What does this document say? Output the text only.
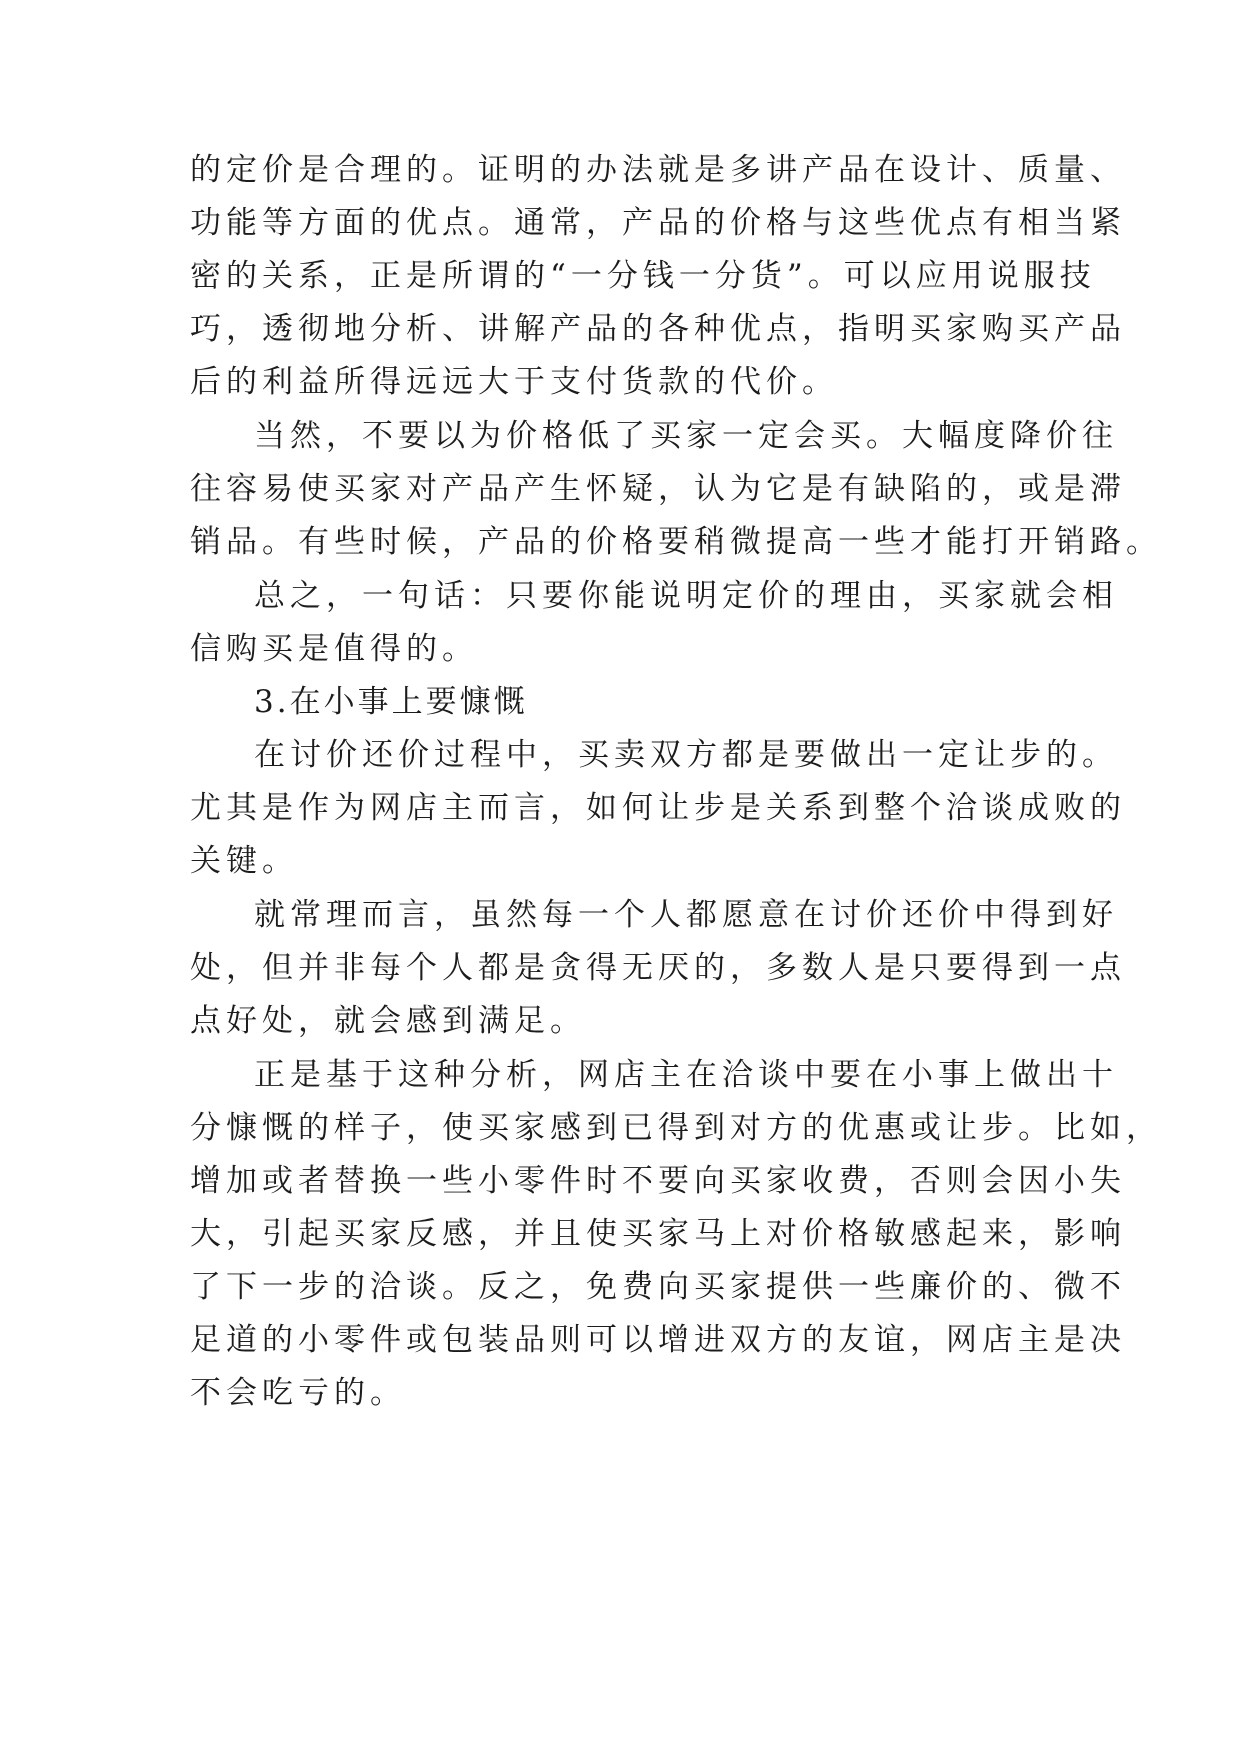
的定价是合理的。证明的办法就是多讲产品在设计、质量、

功能等方面的优点。通常，产品的价格与这些优点有相当紧

密的关系，正是所谓的“一分钱一分货”。可以应用说服技

巧，透彻地分析、讲解产品的各种优点，指明买家购买产品

后的利益所得远远大于支付货款的代价。

当然，不要以为价格低了买家一定会买。大幅度降价往

往容易使买家对产品产生怀疑，认为它是有缺陷的，或是滞

销品。有些时候，产品的价格要稍微提高一些才能打开销路。

总之，一句话：只要你能说明定价的理由，买家就会相

信购买是值得的。

3.在小事上要慷慨

在讨价还价过程中，买卖双方都是要做出一定让步的。

尤其是作为网店主而言，如何让步是关系到整个洽谈成败的

关键。

就常理而言，虽然每一个人都愿意在讨价还价中得到好

处，但并非每个人都是贪得无厌的，多数人是只要得到一点

点好处，就会感到满足。

正是基于这种分析，网店主在洽谈中要在小事上做出十

分慷慨的样子，使买家感到已得到对方的优惠或让步。比如，

增加或者替换一些小零件时不要向买家收费，否则会因小失

大，引起买家反感，并且使买家马上对价格敏感起来，影响

了下一步的洽谈。反之，免费向买家提供一些廉价的、微不

足道的小零件或包装品则可以增进双方的友谊，网店主是决

不会吃亏的。
